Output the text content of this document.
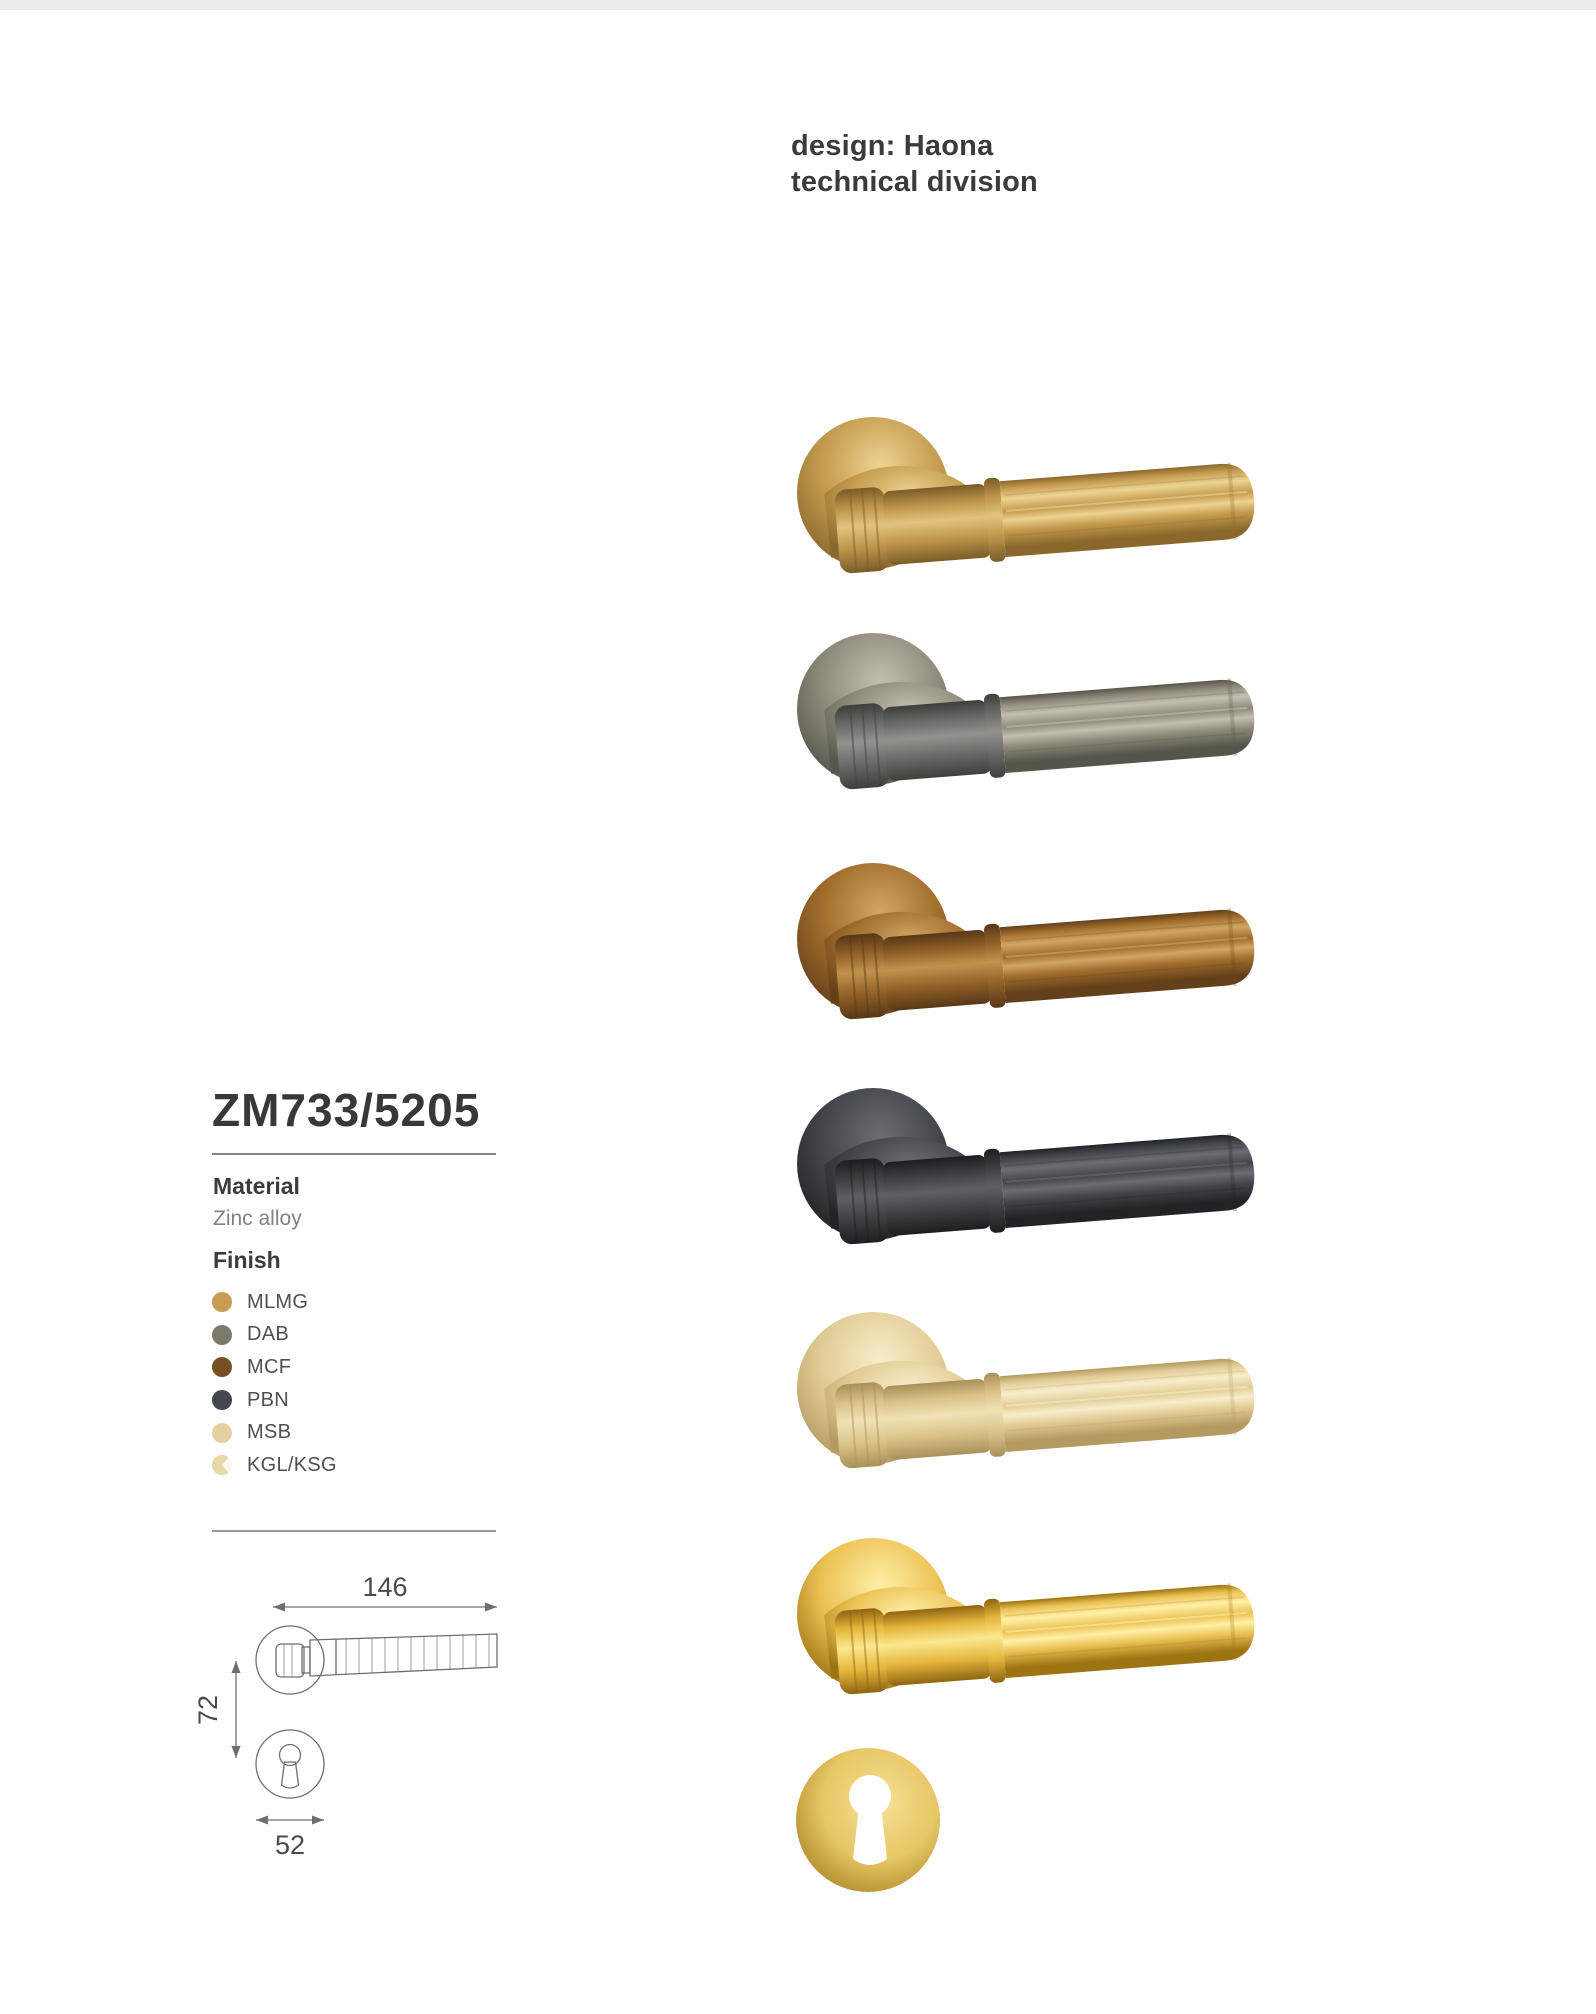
design: Haona
technical division
ZM733/5205
Material
Zinc alloy
Finish
MLMG
DAB
MCF
PBN
MSB
KGL/KSG
146
72
52
